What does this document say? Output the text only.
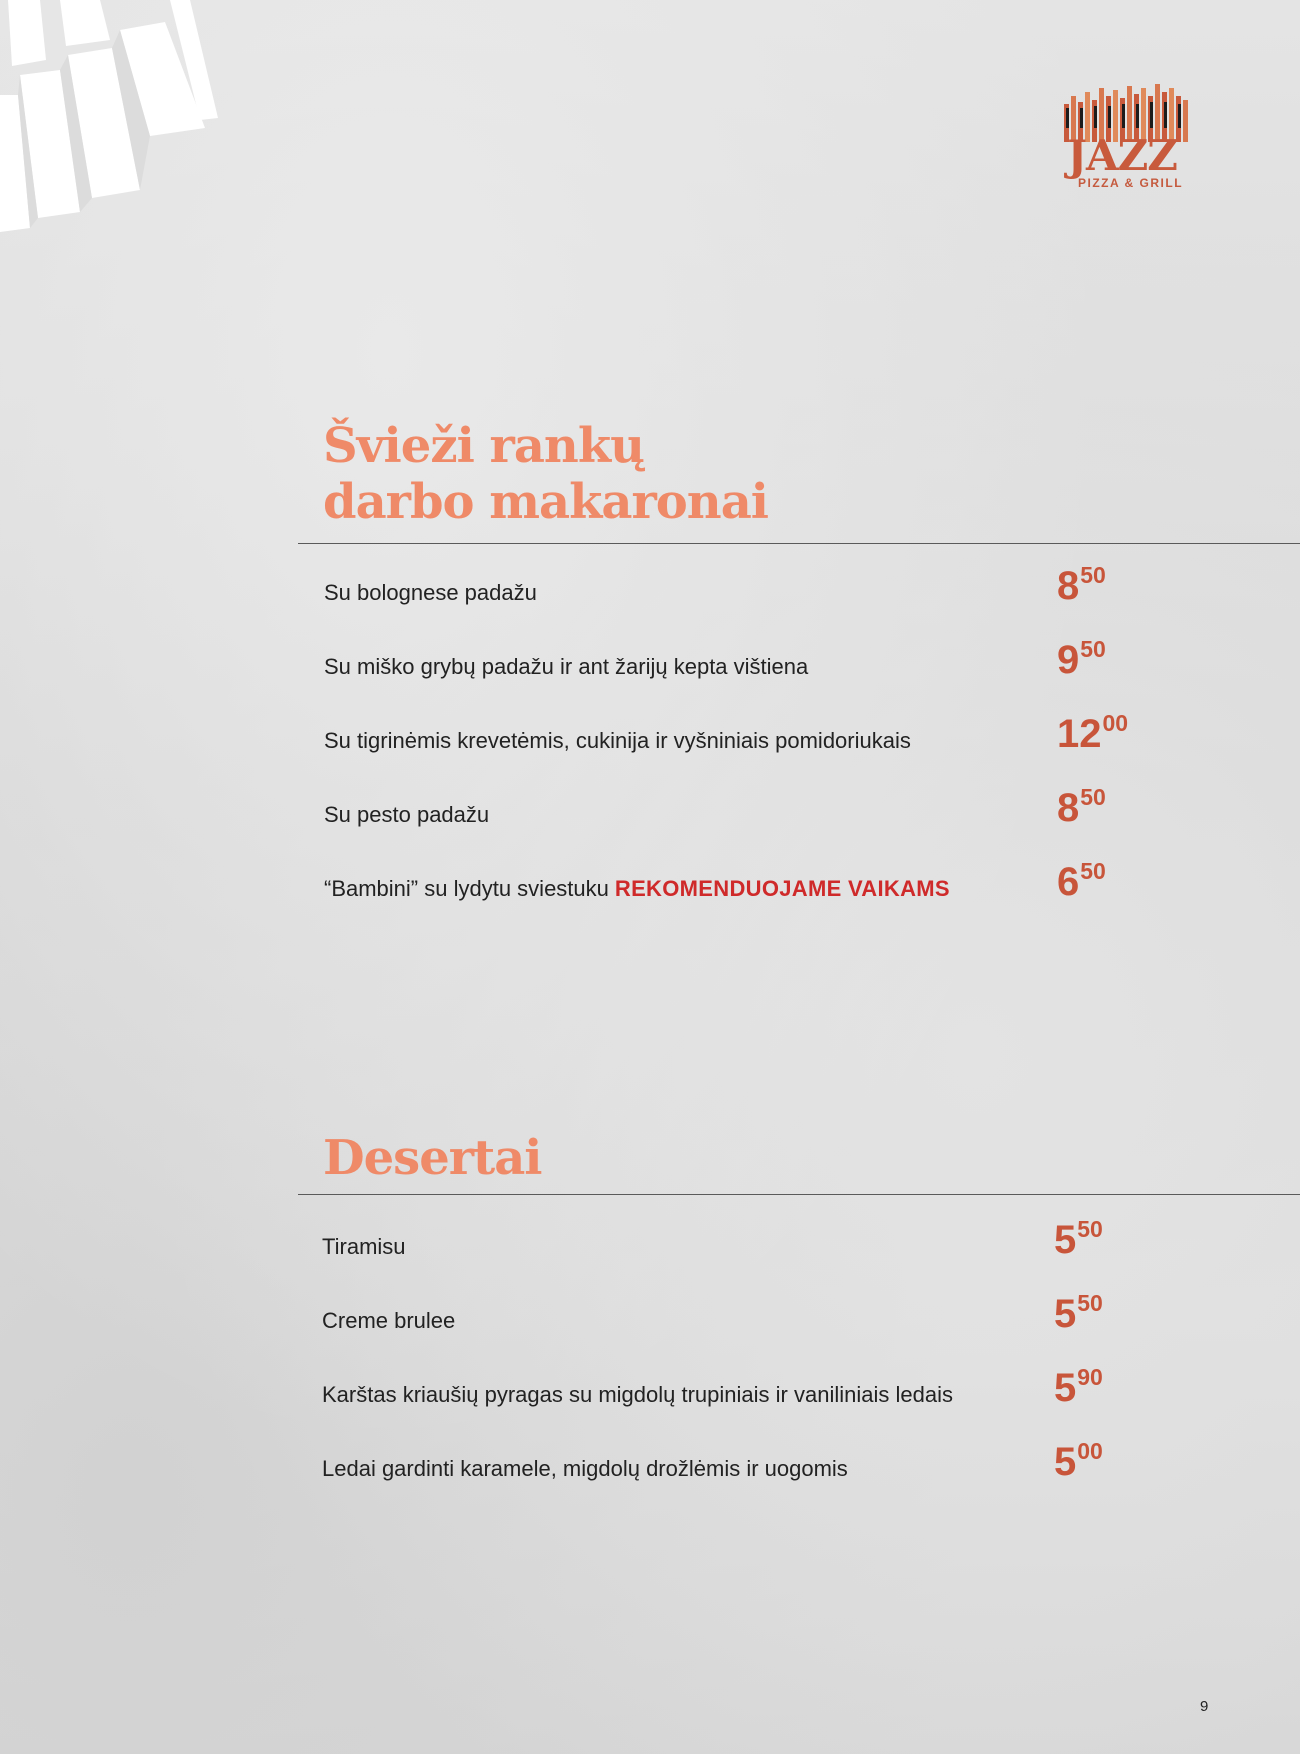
JAZZ
PIZZA & GRILL
Švieži rankų
darbo makaronai
Su bolognese padažu	850
Su miško grybų padažu ir ant žarijų kepta vištiena	950
Su tigrinėmis krevetėmis, cukinija ir vyšniniais pomidoriukais	1200
Su pesto padažu	850
“Bambini” su lydytu sviestuku REKOMENDUOJAME VAIKAMS	650
Desertai
Tiramisu	550
Creme brulee	550
Karštas kriaušių pyragas su migdolų trupiniais ir vaniliniais ledais	590
Ledai gardinti karamele, migdolų drožlėmis ir uogomis	500
9
